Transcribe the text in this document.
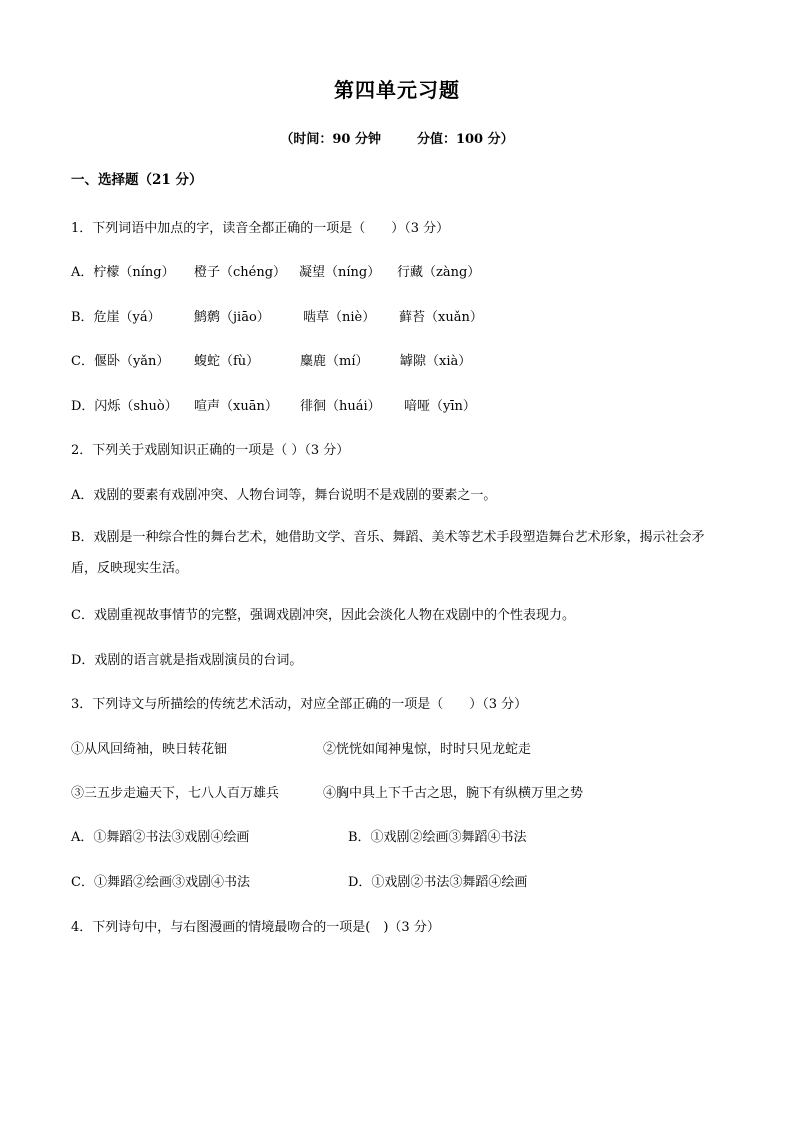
第四单元习题
（时间：90 分钟	分值：100 分）
一、选择题（21 分）
1．下列词语中加点的字，读音全都正确的一项是（　　）（3 分）
A．柠檬（níng） 橙子（chéng） 凝望（níng） 行藏（zàng）
B．危崖（yá）	鹪鹩（jiāo）	啮草（niè） 藓苔（xuǎn）
C．偃卧（yǎn） 蝮蛇（fù）	麋鹿（mí） 罅隙（xià）
D．闪烁（shuò） 喧声（xuān） 徘徊（huái） 喑哑（yīn）
2．下列关于戏剧知识正确的一项是（ ）（3 分）
A．戏剧的要素有戏剧冲突、人物台词等，舞台说明不是戏剧的要素之一。
B．戏剧是一种综合性的舞台艺术，她借助文学、音乐、舞蹈、美术等艺术手段塑造舞台艺术形象，揭示社会矛盾，反映现实生活。
C．戏剧重视故事情节的完整，强调戏剧冲突，因此会淡化人物在戏剧中的个性表现力。
D．戏剧的语言就是指戏剧演员的台词。
3．下列诗文与所描绘的传统艺术活动，对应全部正确的一项是（　　）（3 分）
①从风回绮袖，映日转花钿	②恍恍如闻神鬼惊，时时只见龙蛇走
③三五步走遍天下，七八人百万雄兵	④胸中具上下千古之思，腕下有纵横万里之势
A．①舞蹈②书法③戏剧④绘画	B．①戏剧②绘画③舞蹈④书法
C．①舞蹈②绘画③戏剧④书法	D．①戏剧②书法③舞蹈④绘画
4．下列诗句中，与右图漫画的情境最吻合的一项是(　)（3 分）
